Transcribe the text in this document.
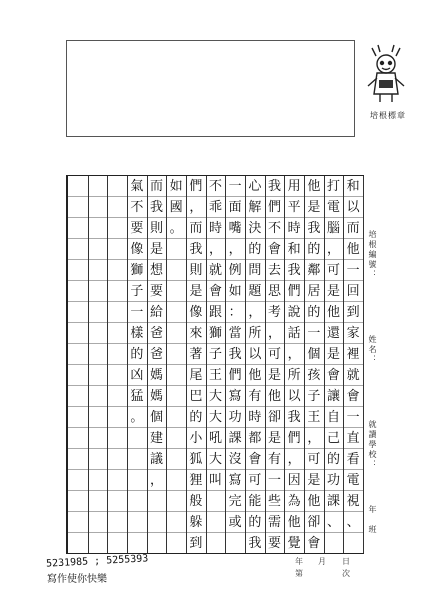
培根標章
培根編號：
姓名：
就讀學校：
年　班
和
以
而
他
一
回
到
家
裡
就
會
一
直
看
電
視
、
打
電
腦
，
可
是
他
還
是
會
讓
自
己
的
功
課
、
他
是
我
的
鄰
居
的
一
個
孩
子
王
，
可
是
他
卻
會
用
平
時
和
我
們
說
話
，
所
以
我
們
，
因
為
他
覺
我
們
不
會
去
思
考
，
可
是
他
卻
是
有
一
些
需
要
心
解
決
的
問
題
，
所
以
他
有
時
都
會
可
能
的
我
一
面
嘴
，
例
如
：
當
我
們
寫
功
課
沒
寫
完
或
不
乖
時
，
就
會
跟
獅
子
王
大
大
吼
大
叫
們
，
而
我
則
是
像
來
著
尾
巴
的
小
狐
狸
般
躲
到
如
國
。
而
我
則
是
想
要
給
爸
爸
媽
媽
個
建
議
，
氣
不
要
像
獅
子
一
樣
的
凶
猛
。
年 月 日
第	次
5231985 ; 5255393
寫作使你快樂
